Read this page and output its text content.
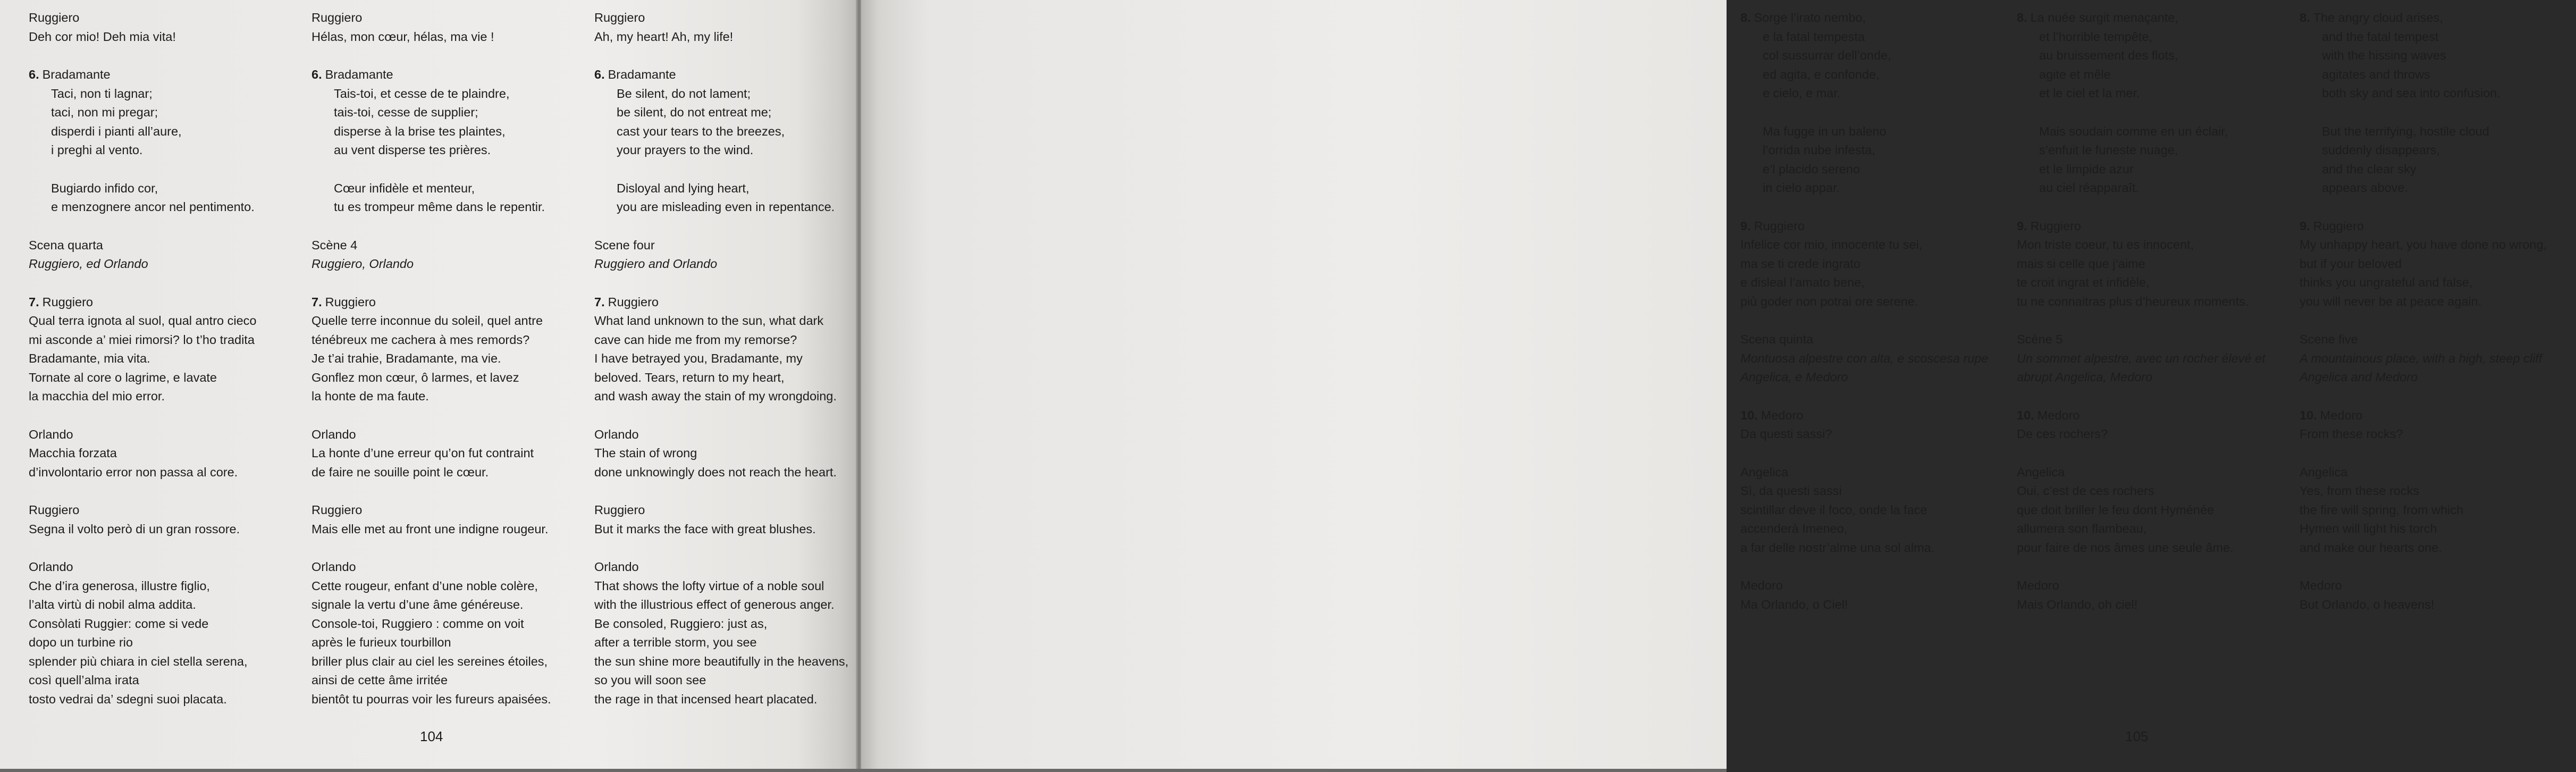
Ruggiero
Deh cor mio! Deh mia vita!
6. Bradamante
Taci, non ti lagnar;
taci, non mi pregar;
disperdi i pianti all’aure,
i preghi al vento.
Bugiardo infido cor,
e menzognere ancor nel pentimento.
Scena quarta
Ruggiero, ed Orlando
7. Ruggiero
Qual terra ignota al suol, qual antro cieco
mi asconde a’ miei rimorsi? lo t’ho tradita
Bradamante, mia vita.
Tornate al core o lagrime, e lavate
la macchia del mio error.
Orlando
Macchia forzata
d’involontario error non passa al core.
Ruggiero
Segna il volto però di un gran rossore.
Orlando
Che d’ira generosa, illustre figlio,
l’alta virtù di nobil alma addita.
Consòlati Ruggier: come si vede
dopo un turbine rio
splender più chiara in ciel stella serena,
così quell’alma irata
tosto vedrai da’ sdegni suoi placata.
Ruggiero
Hélas, mon cœur, hélas, ma vie !
6. Bradamante
Tais-toi, et cesse de te plaindre,
tais-toi, cesse de supplier;
disperse à la brise tes plaintes,
au vent disperse tes prières.
Cœur infidèle et menteur,
tu es trompeur même dans le repentir.
Scène 4
Ruggiero, Orlando
7. Ruggiero
Quelle terre inconnue du soleil, quel antre
ténébreux me cachera à mes remords?
Je t’ai trahie, Bradamante, ma vie.
Gonflez mon cœur, ô larmes, et lavez
la honte de ma faute.
Orlando
La honte d’une erreur qu’on fut contraint
de faire ne souille point le cœur.
Ruggiero
Mais elle met au front une indigne rougeur.
Orlando
Cette rougeur, enfant d’une noble colère,
signale la vertu d’une âme généreuse.
Console-toi, Ruggiero : comme on voit
après le furieux tourbillon
briller plus clair au ciel les sereines étoiles,
ainsi de cette âme irritée
bientôt tu pourras voir les fureurs apaisées.
Ruggiero
Ah, my heart! Ah, my life!
6. Bradamante
Be silent, do not lament;
be silent, do not entreat me;
cast your tears to the breezes,
your prayers to the wind.
Disloyal and lying heart,
you are misleading even in repentance.
Scene four
Ruggiero and Orlando
7. Ruggiero
What land unknown to the sun, what dark
cave can hide me from my remorse?
I have betrayed you, Bradamante, my
beloved. Tears, return to my heart,
and wash away the stain of my wrongdoing.
Orlando
The stain of wrong
done unknowingly does not reach the heart.
Ruggiero
But it marks the face with great blushes.
Orlando
That shows the lofty virtue of a noble soul
with the illustrious effect of generous anger.
Be consoled, Ruggiero: just as,
after a terrible storm, you see
the sun shine more beautifully in the heavens,
so you will soon see
the rage in that incensed heart placated.
104
8. Sorge l’irato nembo,
e la fatal tempesta
col sussurrar dell’onde,
ed agita, e confonde,
e cielo, e mar.
Ma fugge in un baleno
l’orrida nube infesta,
e’l placido sereno
in cielo appar.
9. Ruggiero
Infelice cor mio, innocente tu sei,
ma se ti crede ingrato
e disleal l’amato bene,
più goder non potrai ore serene.
Scena quinta
Montuosa alpestre con alta, e scoscesa rupe
Angelica, e Medoro
10. Medoro
Da questi sassi?
Angelica
Sì, da questi sassi
scintillar deve il foco, onde la face
accenderà Imeneo,
a far delle nostr’alme una sol alma.
Medoro
Ma Orlando, o Ciel!
8. La nuée surgit menaçante,
et l’horrible tempête,
au bruissement des flots,
agite et mêle
et le ciel et la mer.
Mais soudain comme en un éclair,
s’enfuit le funeste nuage,
et le limpide azur
au ciel réapparaît.
9. Ruggiero
Mon triste coeur, tu es innocent,
mais si celle que j’aime
te croit ingrat et infidèle,
tu ne connaitras plus d’heureux moments.
Scène 5
Un sommet alpestre, avec un rocher élevé et
abrupt Angelica, Medoro
10. Medoro
De ces rochers?
Angelica
Oui, c’est de ces rochers
que doit briller le feu dont Hyménée
allumera son flambeau,
pour faire de nos âmes une seule âme.
Medoro
Mais Orlando, oh ciel!
8. The angry cloud arises,
and the fatal tempest
with the hissing waves
agitates and throws
both sky and sea into confusion.
But the terrifying, hostile cloud
suddenly disappears,
and the clear sky
appears above.
9. Ruggiero
My unhappy heart, you have done no wrong,
but if your beloved
thinks you ungrateful and false,
you will never be at peace again.
Scene five
A mountainous place, with a high, steep cliff
Angelica and Medoro
10. Medoro
From these rocks?
Angelica
Yes, from these rocks
the fire will spring, from which
Hymen will light his torch
and make our hearts one.
Medoro
But Orlando, o heavens!
105
